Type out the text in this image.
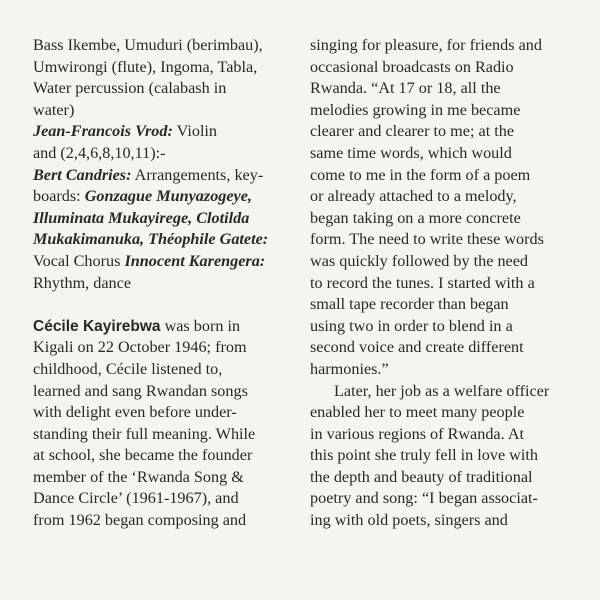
Bass Ikembe, Umuduri (berimbau),
Umwirongi (flute), Ingoma, Tabla,
Water percussion (calabash in
water)
Jean-Francois Vrod: Violin
and (2,4,6,8,10,11):-
Bert Candries: Arrangements, key-
boards: Gonzague Munyazogeye,
Illuminata Mukayirege, Clotilda
Mukakimanuka, Théophile Gatete:
Vocal Chorus Innocent Karengera:
Rhythm, dance
Cécile Kayirebwa was born in
Kigali on 22 October 1946; from
childhood, Cécile listened to,
learned and sang Rwandan songs
with delight even before under-
standing their full meaning. While
at school, she became the founder
member of the ‘Rwanda Song &
Dance Circle’ (1961-1967), and
from 1962 began composing and
singing for pleasure, for friends and
occasional broadcasts on Radio
Rwanda. “At 17 or 18, all the
melodies growing in me became
clearer and clearer to me; at the
same time words, which would
come to me in the form of a poem
or already attached to a melody,
began taking on a more concrete
form. The need to write these words
was quickly followed by the need
to record the tunes. I started with a
small tape recorder than began
using two in order to blend in a
second voice and create different
harmonies.”
Later, her job as a welfare officer
enabled her to meet many people
in various regions of Rwanda. At
this point she truly fell in love with
the depth and beauty of traditional
poetry and song: “I began associat-
ing with old poets, singers and
